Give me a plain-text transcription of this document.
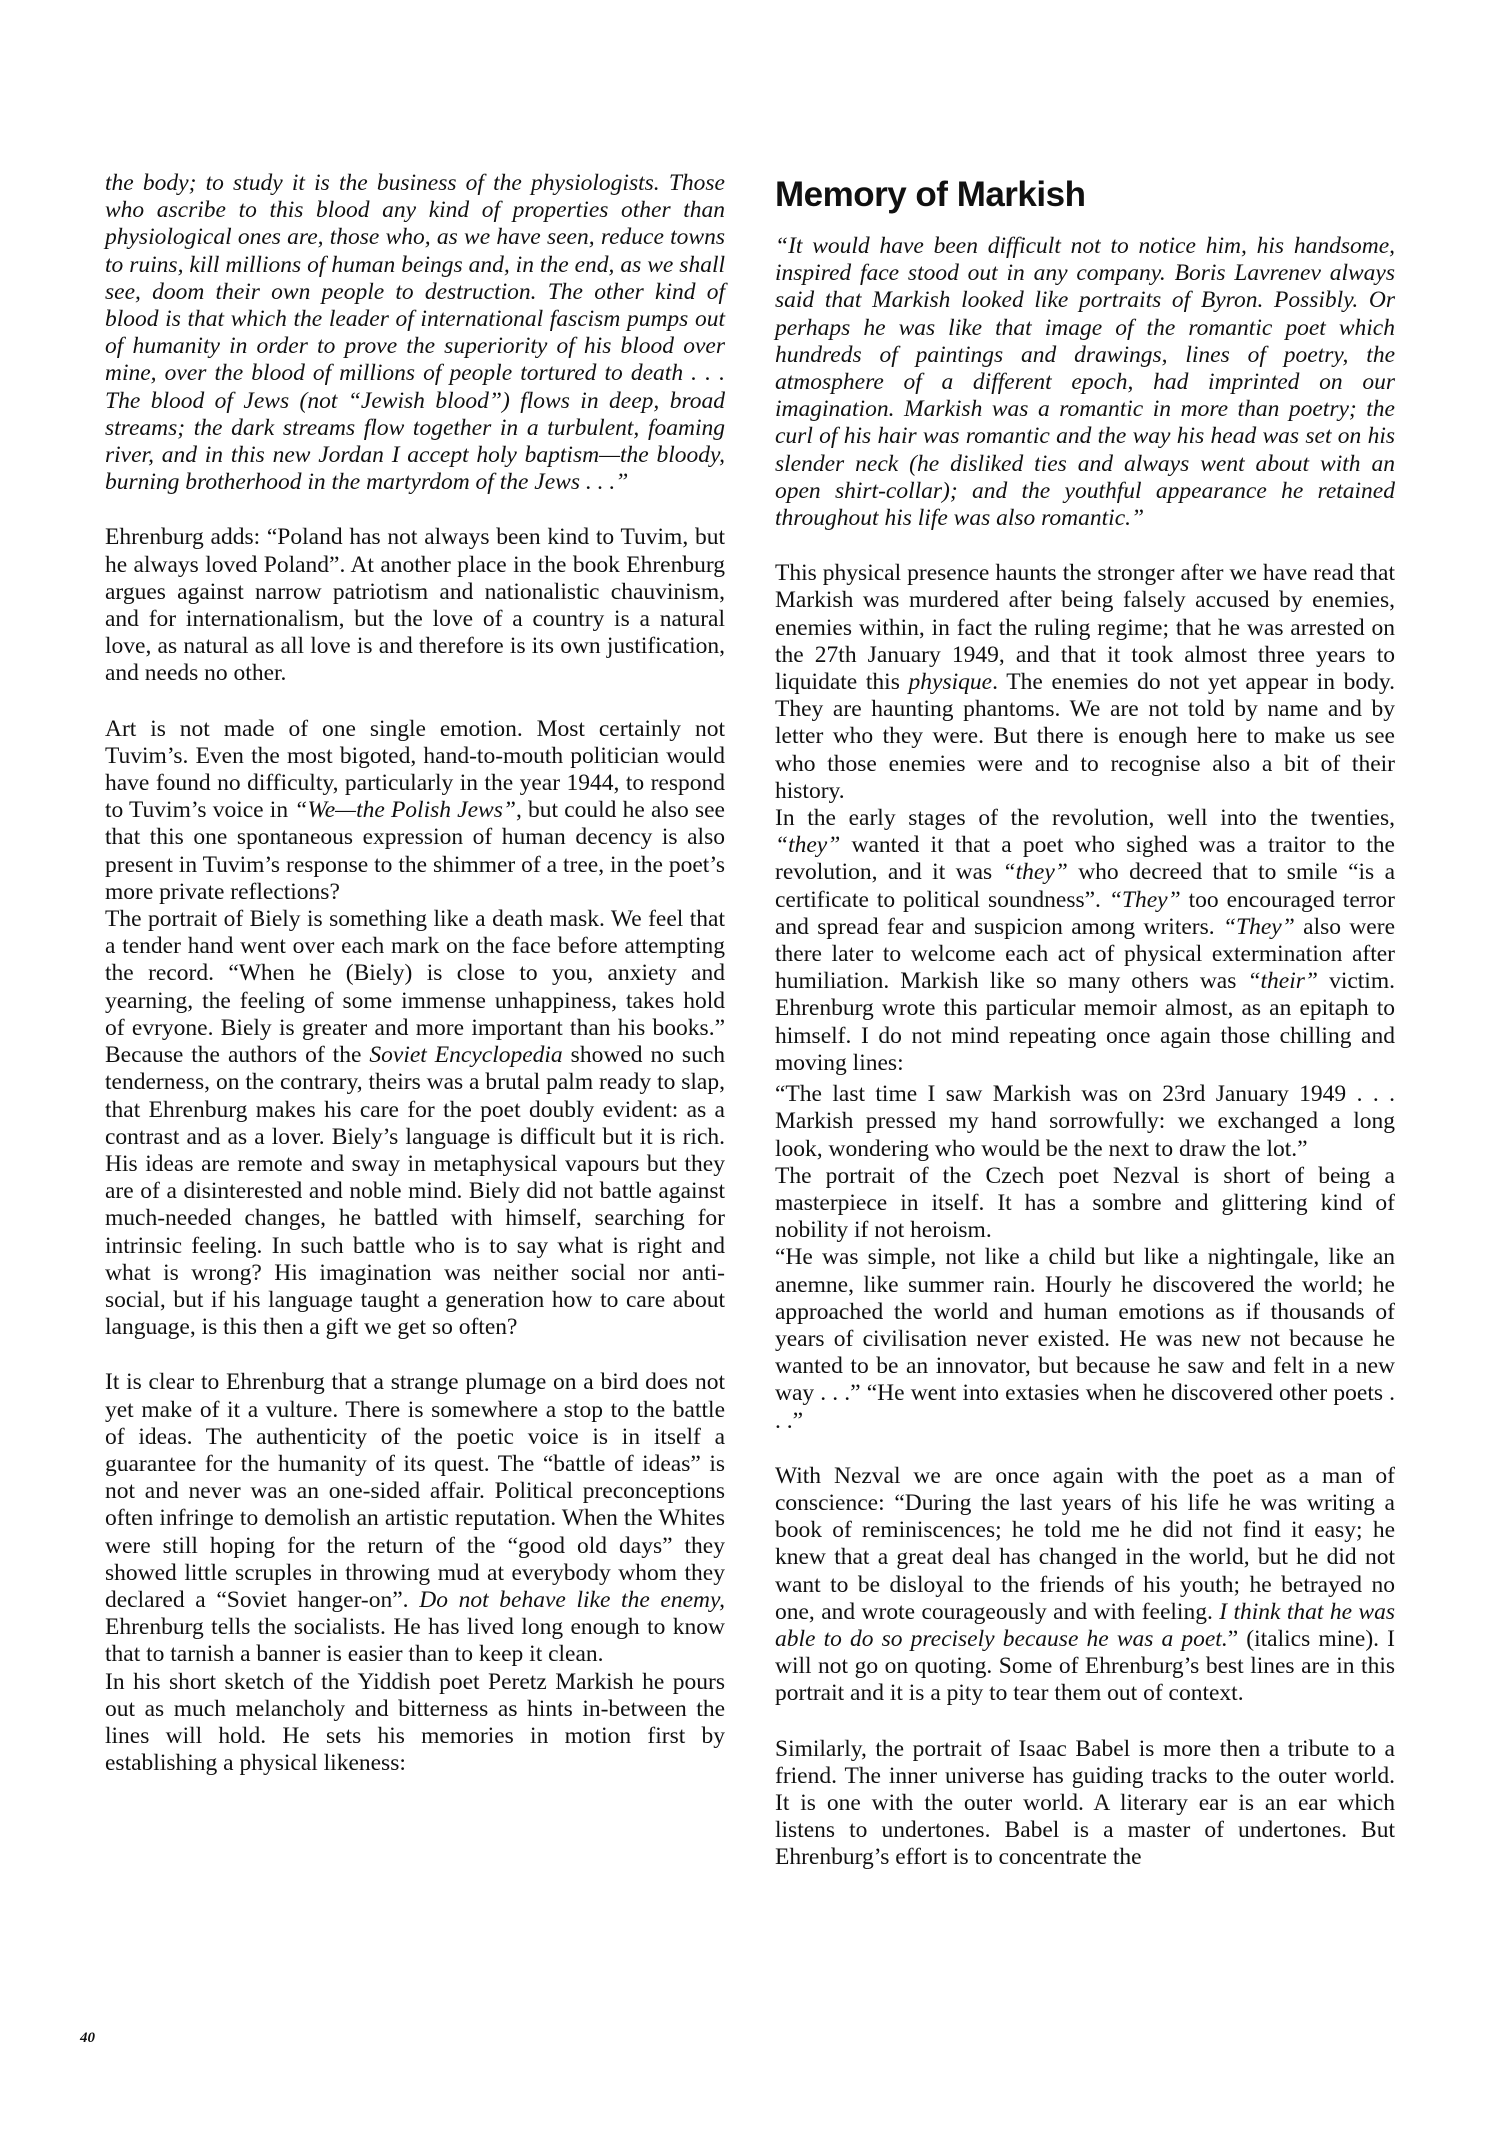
the body; to study it is the business of the physiologists. Those who ascribe to this blood any kind of properties other than physiological ones are, those who, as we have seen, reduce towns to ruins, kill millions of human beings and, in the end, as we shall see, doom their own people to destruction. The other kind of blood is that which the leader of international fascism pumps out of humanity in order to prove the superiority of his blood over mine, over the blood of millions of people tortured to death . . . The blood of Jews (not “Jewish blood”) flows in deep, broad streams; the dark streams flow together in a turbulent, foaming river, and in this new Jordan I accept holy baptism—the bloody, burning brotherhood in the martyrdom of the Jews . . .”

Ehrenburg adds: “Poland has not always been kind to Tuvim, but he always loved Poland”. At another place in the book Ehrenburg argues against narrow patriotism and nationalistic chauvinism, and for internationalism, but the love of a country is a natural love, as natural as all love is and therefore is its own justification, and needs no other.

Art is not made of one single emotion. Most certainly not Tuvim’s. Even the most bigoted, hand-to-mouth politician would have found no difficulty, particularly in the year 1944, to respond to Tuvim’s voice in “We—the Polish Jews”, but could he also see that this one spontaneous expression of human decency is also present in Tuvim’s response to the shimmer of a tree, in the poet’s more private reflections?

The portrait of Biely is something like a death mask. We feel that a tender hand went over each mark on the face before attempting the record. “When he (Biely) is close to you, anxiety and yearning, the feeling of some immense unhappiness, takes hold of evryone. Biely is greater and more important than his books.” Because the authors of the Soviet Encyclopedia showed no such tenderness, on the contrary, theirs was a brutal palm ready to slap, that Ehrenburg makes his care for the poet doubly evident: as a contrast and as a lover. Biely’s language is difficult but it is rich. His ideas are remote and sway in metaphysical vapours but they are of a disinterested and noble mind. Biely did not battle against much-needed changes, he battled with himself, searching for intrinsic feeling. In such battle who is to say what is right and what is wrong? His imagination was neither social nor anti-social, but if his language taught a generation how to care about language, is this then a gift we get so often?

It is clear to Ehrenburg that a strange plumage on a bird does not yet make of it a vulture. There is somewhere a stop to the battle of ideas. The authenticity of the poetic voice is in itself a guarantee for the humanity of its quest. The “battle of ideas” is not and never was an one-sided affair. Political preconceptions often infringe to demolish an artistic reputation. When the Whites were still hoping for the return of the “good old days” they showed little scruples in throwing mud at everybody whom they declared a “Soviet hanger-on”. Do not behave like the enemy, Ehrenburg tells the socialists. He has lived long enough to know that to tarnish a banner is easier than to keep it clean.

In his short sketch of the Yiddish poet Peretz Markish he pours out as much melancholy and bitterness as hints in-between the lines will hold. He sets his memories in motion first by establishing a physical likeness:

Memory of Markish

“It would have been difficult not to notice him, his handsome, inspired face stood out in any company. Boris Lavrenev always said that Markish looked like portraits of Byron. Possibly. Or perhaps he was like that image of the romantic poet which hundreds of paintings and drawings, lines of poetry, the atmosphere of a different epoch, had imprinted on our imagination. Markish was a romantic in more than poetry; the curl of his hair was romantic and the way his head was set on his slender neck (he disliked ties and always went about with an open shirt-collar); and the youthful appearance he retained throughout his life was also romantic.”

This physical presence haunts the stronger after we have read that Markish was murdered after being falsely accused by enemies, enemies within, in fact the ruling regime; that he was arrested on the 27th January 1949, and that it took almost three years to liquidate this physique. The enemies do not yet appear in body. They are haunting phantoms. We are not told by name and by letter who they were. But there is enough here to make us see who those enemies were and to recognise also a bit of their history.

In the early stages of the revolution, well into the twenties, “they” wanted it that a poet who sighed was a traitor to the revolution, and it was “they” who decreed that to smile “is a certificate to political soundness”. “They” too encouraged terror and spread fear and suspicion among writers. “They” also were there later to welcome each act of physical extermination after humiliation. Markish like so many others was “their” victim. Ehrenburg wrote this particular memoir almost, as an epitaph to himself. I do not mind repeating once again those chilling and moving lines:

“The last time I saw Markish was on 23rd January 1949 . . . Markish pressed my hand sorrowfully: we exchanged a long look, wondering who would be the next to draw the lot.”

The portrait of the Czech poet Nezval is short of being a masterpiece in itself. It has a sombre and glittering kind of nobility if not heroism.

“He was simple, not like a child but like a nightingale, like an anemne, like summer rain. Hourly he discovered the world; he approached the world and human emotions as if thousands of years of civilisation never existed. He was new not because he wanted to be an innovator, but because he saw and felt in a new way . . .” “He went into extasies when he discovered other poets . . .”

With Nezval we are once again with the poet as a man of conscience: “During the last years of his life he was writing a book of reminiscences; he told me he did not find it easy; he knew that a great deal has changed in the world, but he did not want to be disloyal to the friends of his youth; he betrayed no one, and wrote courageously and with feeling. I think that he was able to do so precisely because he was a poet.” (italics mine). I will not go on quoting. Some of Ehrenburg’s best lines are in this portrait and it is a pity to tear them out of context.

Similarly, the portrait of Isaac Babel is more then a tribute to a friend. The inner universe has guiding tracks to the outer world. It is one with the outer world. A literary ear is an ear which listens to undertones. Babel is a master of undertones. But Ehrenburg’s effort is to concentrate the

40
